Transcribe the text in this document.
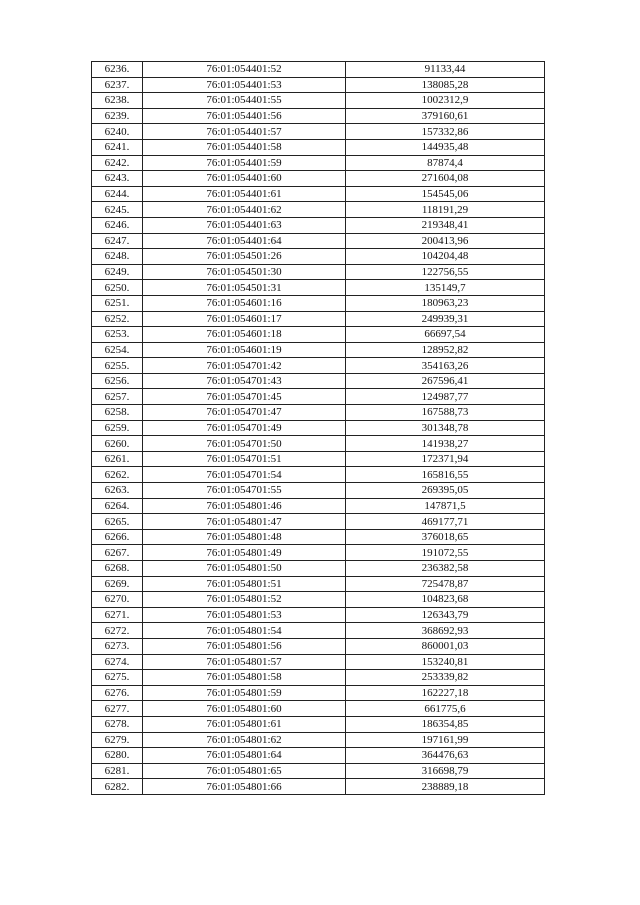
6236.	76:01:054401:52	91133,44
6237.	76:01:054401:53	138085,28
6238.	76:01:054401:55	1002312,9
6239.	76:01:054401:56	379160,61
6240.	76:01:054401:57	157332,86
6241.	76:01:054401:58	144935,48
6242.	76:01:054401:59	87874,4
6243.	76:01:054401:60	271604,08
6244.	76:01:054401:61	154545,06
6245.	76:01:054401:62	118191,29
6246.	76:01:054401:63	219348,41
6247.	76:01:054401:64	200413,96
6248.	76:01:054501:26	104204,48
6249.	76:01:054501:30	122756,55
6250.	76:01:054501:31	135149,7
6251.	76:01:054601:16	180963,23
6252.	76:01:054601:17	249939,31
6253.	76:01:054601:18	66697,54
6254.	76:01:054601:19	128952,82
6255.	76:01:054701:42	354163,26
6256.	76:01:054701:43	267596,41
6257.	76:01:054701:45	124987,77
6258.	76:01:054701:47	167588,73
6259.	76:01:054701:49	301348,78
6260.	76:01:054701:50	141938,27
6261.	76:01:054701:51	172371,94
6262.	76:01:054701:54	165816,55
6263.	76:01:054701:55	269395,05
6264.	76:01:054801:46	147871,5
6265.	76:01:054801:47	469177,71
6266.	76:01:054801:48	376018,65
6267.	76:01:054801:49	191072,55
6268.	76:01:054801:50	236382,58
6269.	76:01:054801:51	725478,87
6270.	76:01:054801:52	104823,68
6271.	76:01:054801:53	126343,79
6272.	76:01:054801:54	368692,93
6273.	76:01:054801:56	860001,03
6274.	76:01:054801:57	153240,81
6275.	76:01:054801:58	253339,82
6276.	76:01:054801:59	162227,18
6277.	76:01:054801:60	661775,6
6278.	76:01:054801:61	186354,85
6279.	76:01:054801:62	197161,99
6280.	76:01:054801:64	364476,63
6281.	76:01:054801:65	316698,79
6282.	76:01:054801:66	238889,18
